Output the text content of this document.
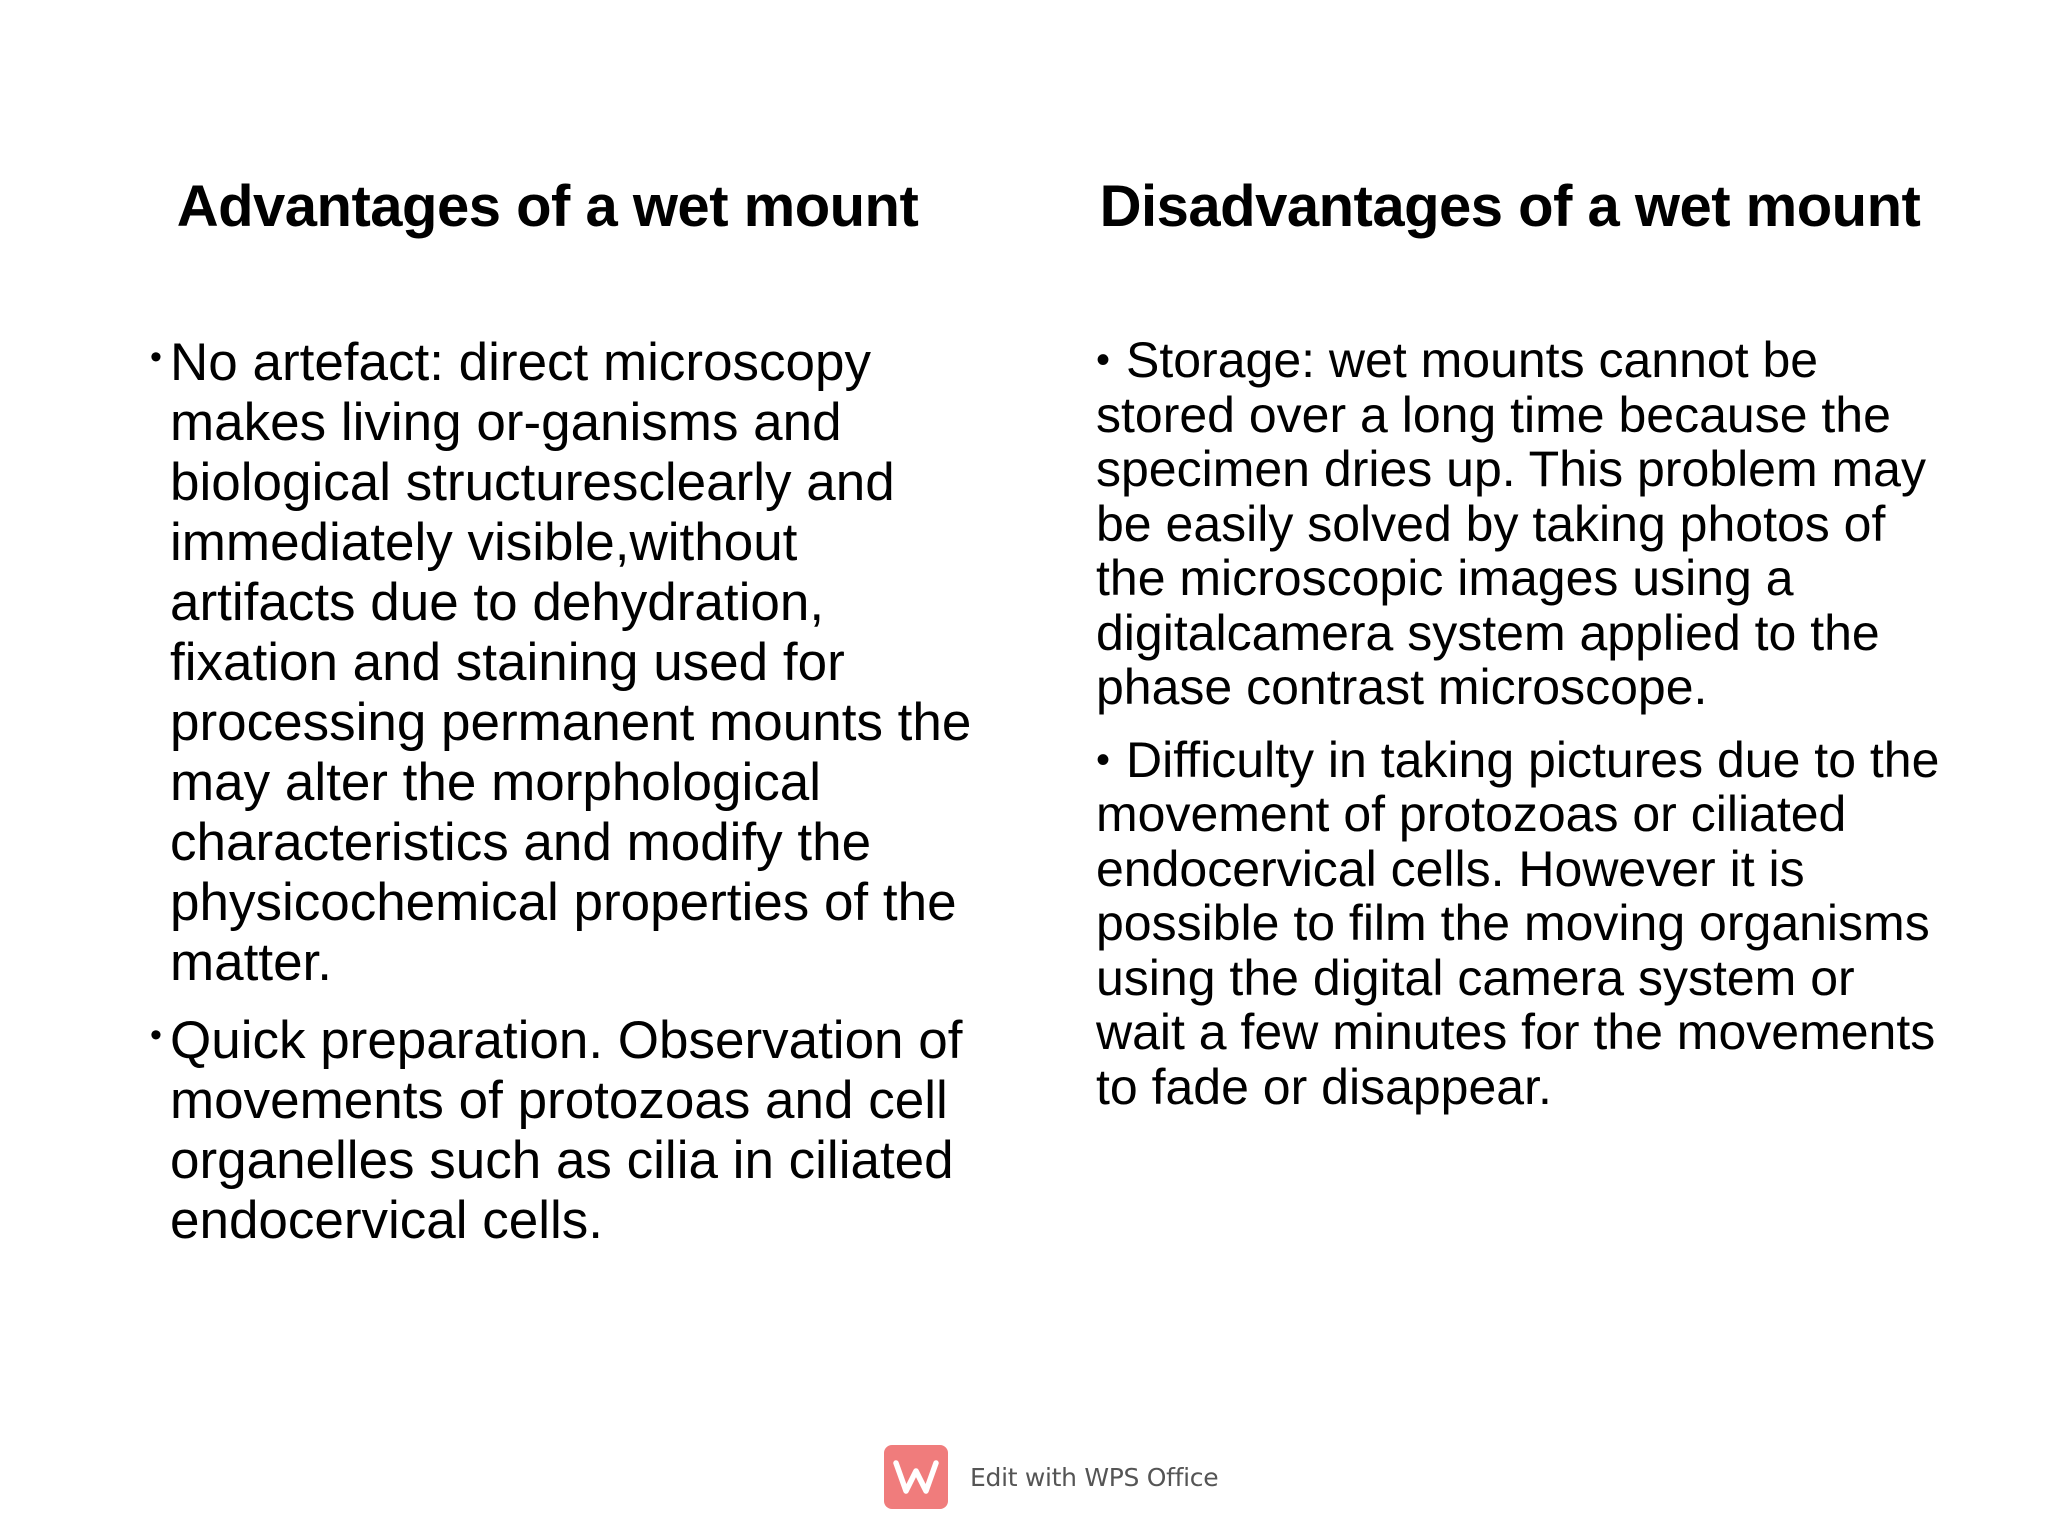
Advantages of a wet mount	Disadvantages of a wet mount

• No artefact: direct microscopy makes living or-ganisms and biological structuresclearly and immediately visible,without artifacts due to dehydration, fixation and staining used for processing permanent mounts the may alter the morphological characteristics and modify the physicochemical properties of the matter.

• Quick preparation. Observation of movements of protozoas and cell organelles such as cilia in ciliated endocervical cells.

• Storage: wet mounts cannot be stored over a long time because the specimen dries up. This problem may be easily solved by taking photos of the microscopic images using a digitalcamera system applied to the phase contrast microscope.

• Difficulty in taking pictures due to the movement of protozoas or ciliated endocervical cells. However it is possible to film the moving organisms using the digital camera system or wait a few minutes for the movements to fade or disappear.

Edit with WPS Office
